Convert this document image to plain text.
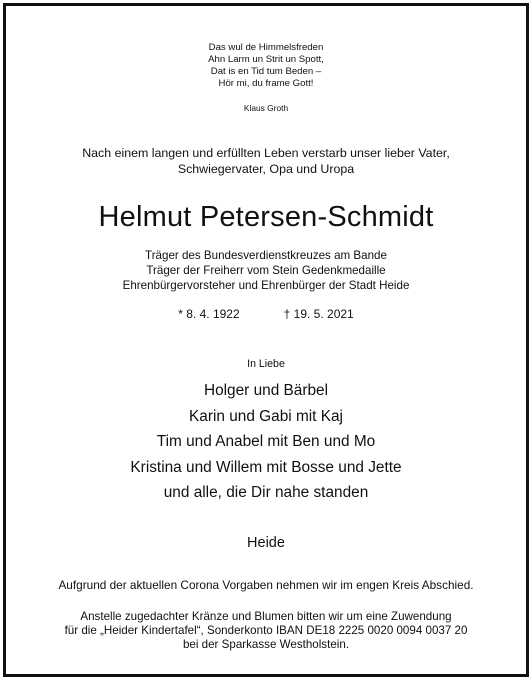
Das wul de Himmelsfreden
Ahn Larm un Strit un Spott,
Dat is en Tid tum Beden –
Hör mi, du frame Gott!
Klaus Groth
Nach einem langen und erfüllten Leben verstarb unser lieber Vater,
Schwiegervater, Opa und Uropa
Helmut Petersen-Schmidt
Träger des Bundesverdienstkreuzes am Bande
Träger der Freiherr vom Stein Gedenkmedaille
Ehrenbürgervorsteher und Ehrenbürger der Stadt Heide
* 8. 4. 1922	† 19. 5. 2021
In Liebe
Holger und Bärbel
Karin und Gabi mit Kaj
Tim und Anabel mit Ben und Mo
Kristina und Willem mit Bosse und Jette
und alle, die Dir nahe standen
Heide
Aufgrund der aktuellen Corona Vorgaben nehmen wir im engen Kreis Abschied.
Anstelle zugedachter Kränze und Blumen bitten wir um eine Zuwendung
für die „Heider Kindertafel“, Sonderkonto IBAN DE18 2225 0020 0094 0037 20
bei der Sparkasse Westholstein.
